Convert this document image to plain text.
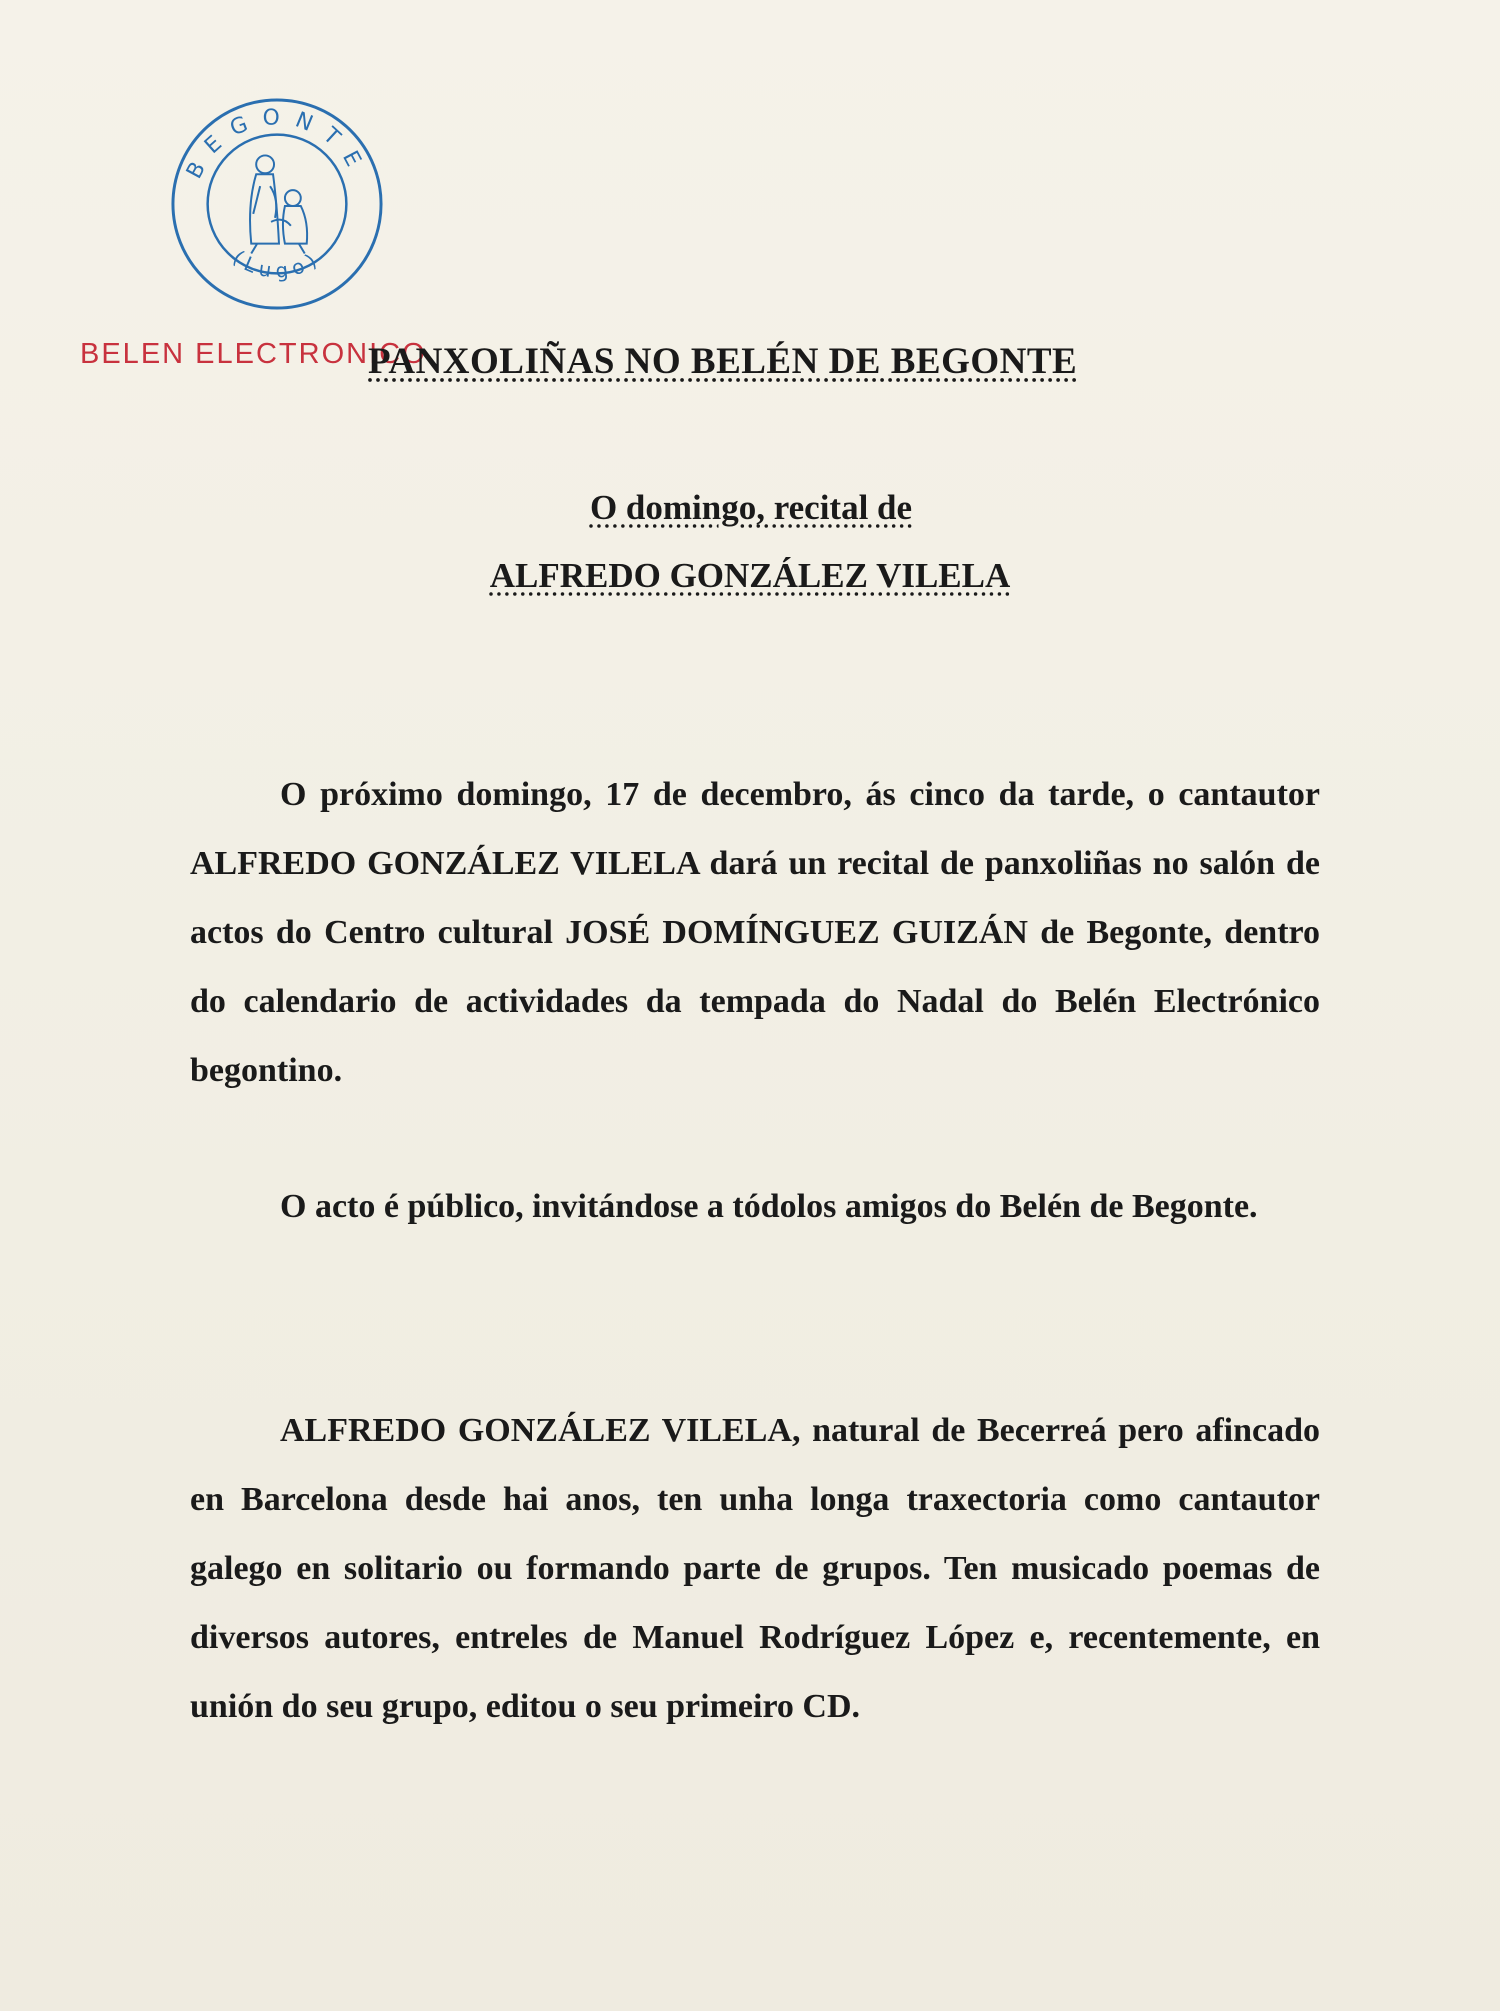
BEGONTE
(Lugo)
BELEN ELECTRONICO
PANXOLIÑAS NO BELÉN DE BEGONTE
O domingo, recital de
ALFREDO GONZÁLEZ VILELA

O próximo domingo, 17 de decembro, ás cinco da tarde, o cantautor ALFREDO GONZÁLEZ VILELA dará un recital de panxoliñas no salón de actos do Centro cultural JOSÉ DOMÍNGUEZ GUIZÁN de Begonte, dentro do calendario de actividades da tempada do Nadal do Belén Electrónico begontino.

O acto é público, invitándose a tódolos amigos do Belén de Begonte.

ALFREDO GONZÁLEZ VILELA, natural de Becerreá pero afincado en Barcelona desde hai anos, ten unha longa traxectoria como cantautor galego en solitario ou formando parte de grupos. Ten musicado poemas de diversos autores, entreles de Manuel Rodríguez López e, recentemente, en unión do seu grupo, editou o seu primeiro CD.
